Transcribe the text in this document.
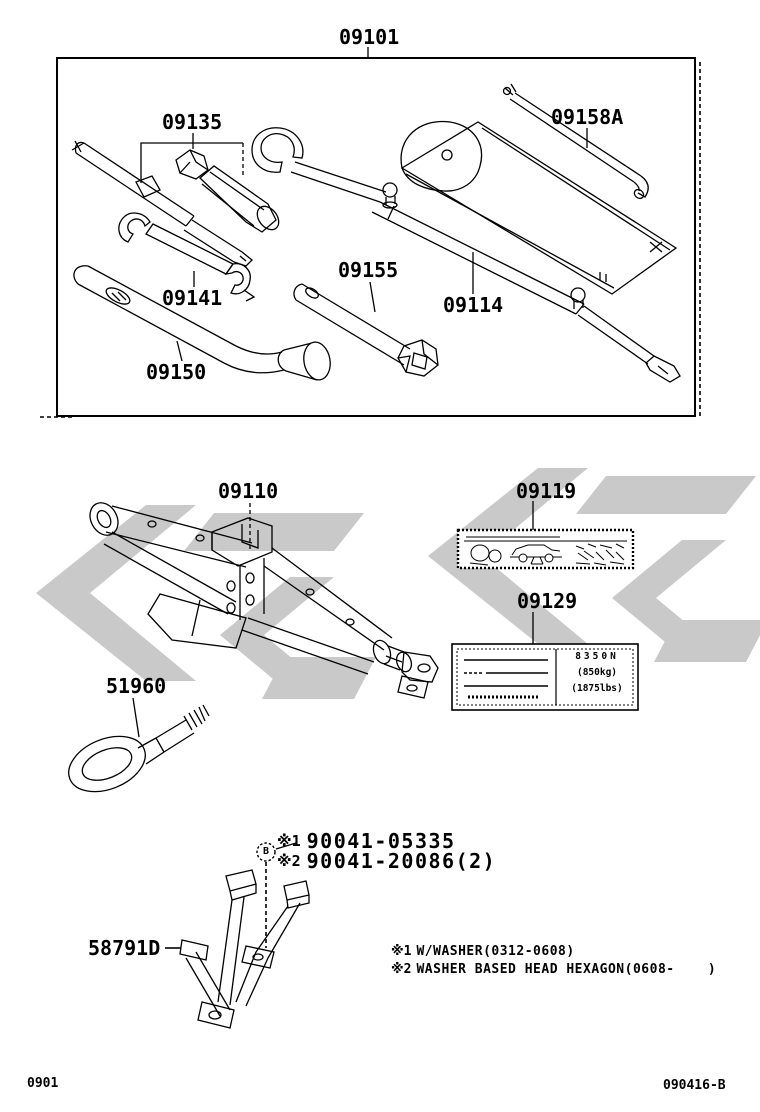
09101
09135	09158A
09141
09150
09155
09114
09110	09119
09129
51960
58791D
B
※1 90041-05335
※2 90041-20086(2)
※1 W/WASHER(0312-0608)
※2 WASHER BASED HEAD HEXAGON(0608-    )
8350N
(850kg)
(1875lbs)
0901	090416-B
